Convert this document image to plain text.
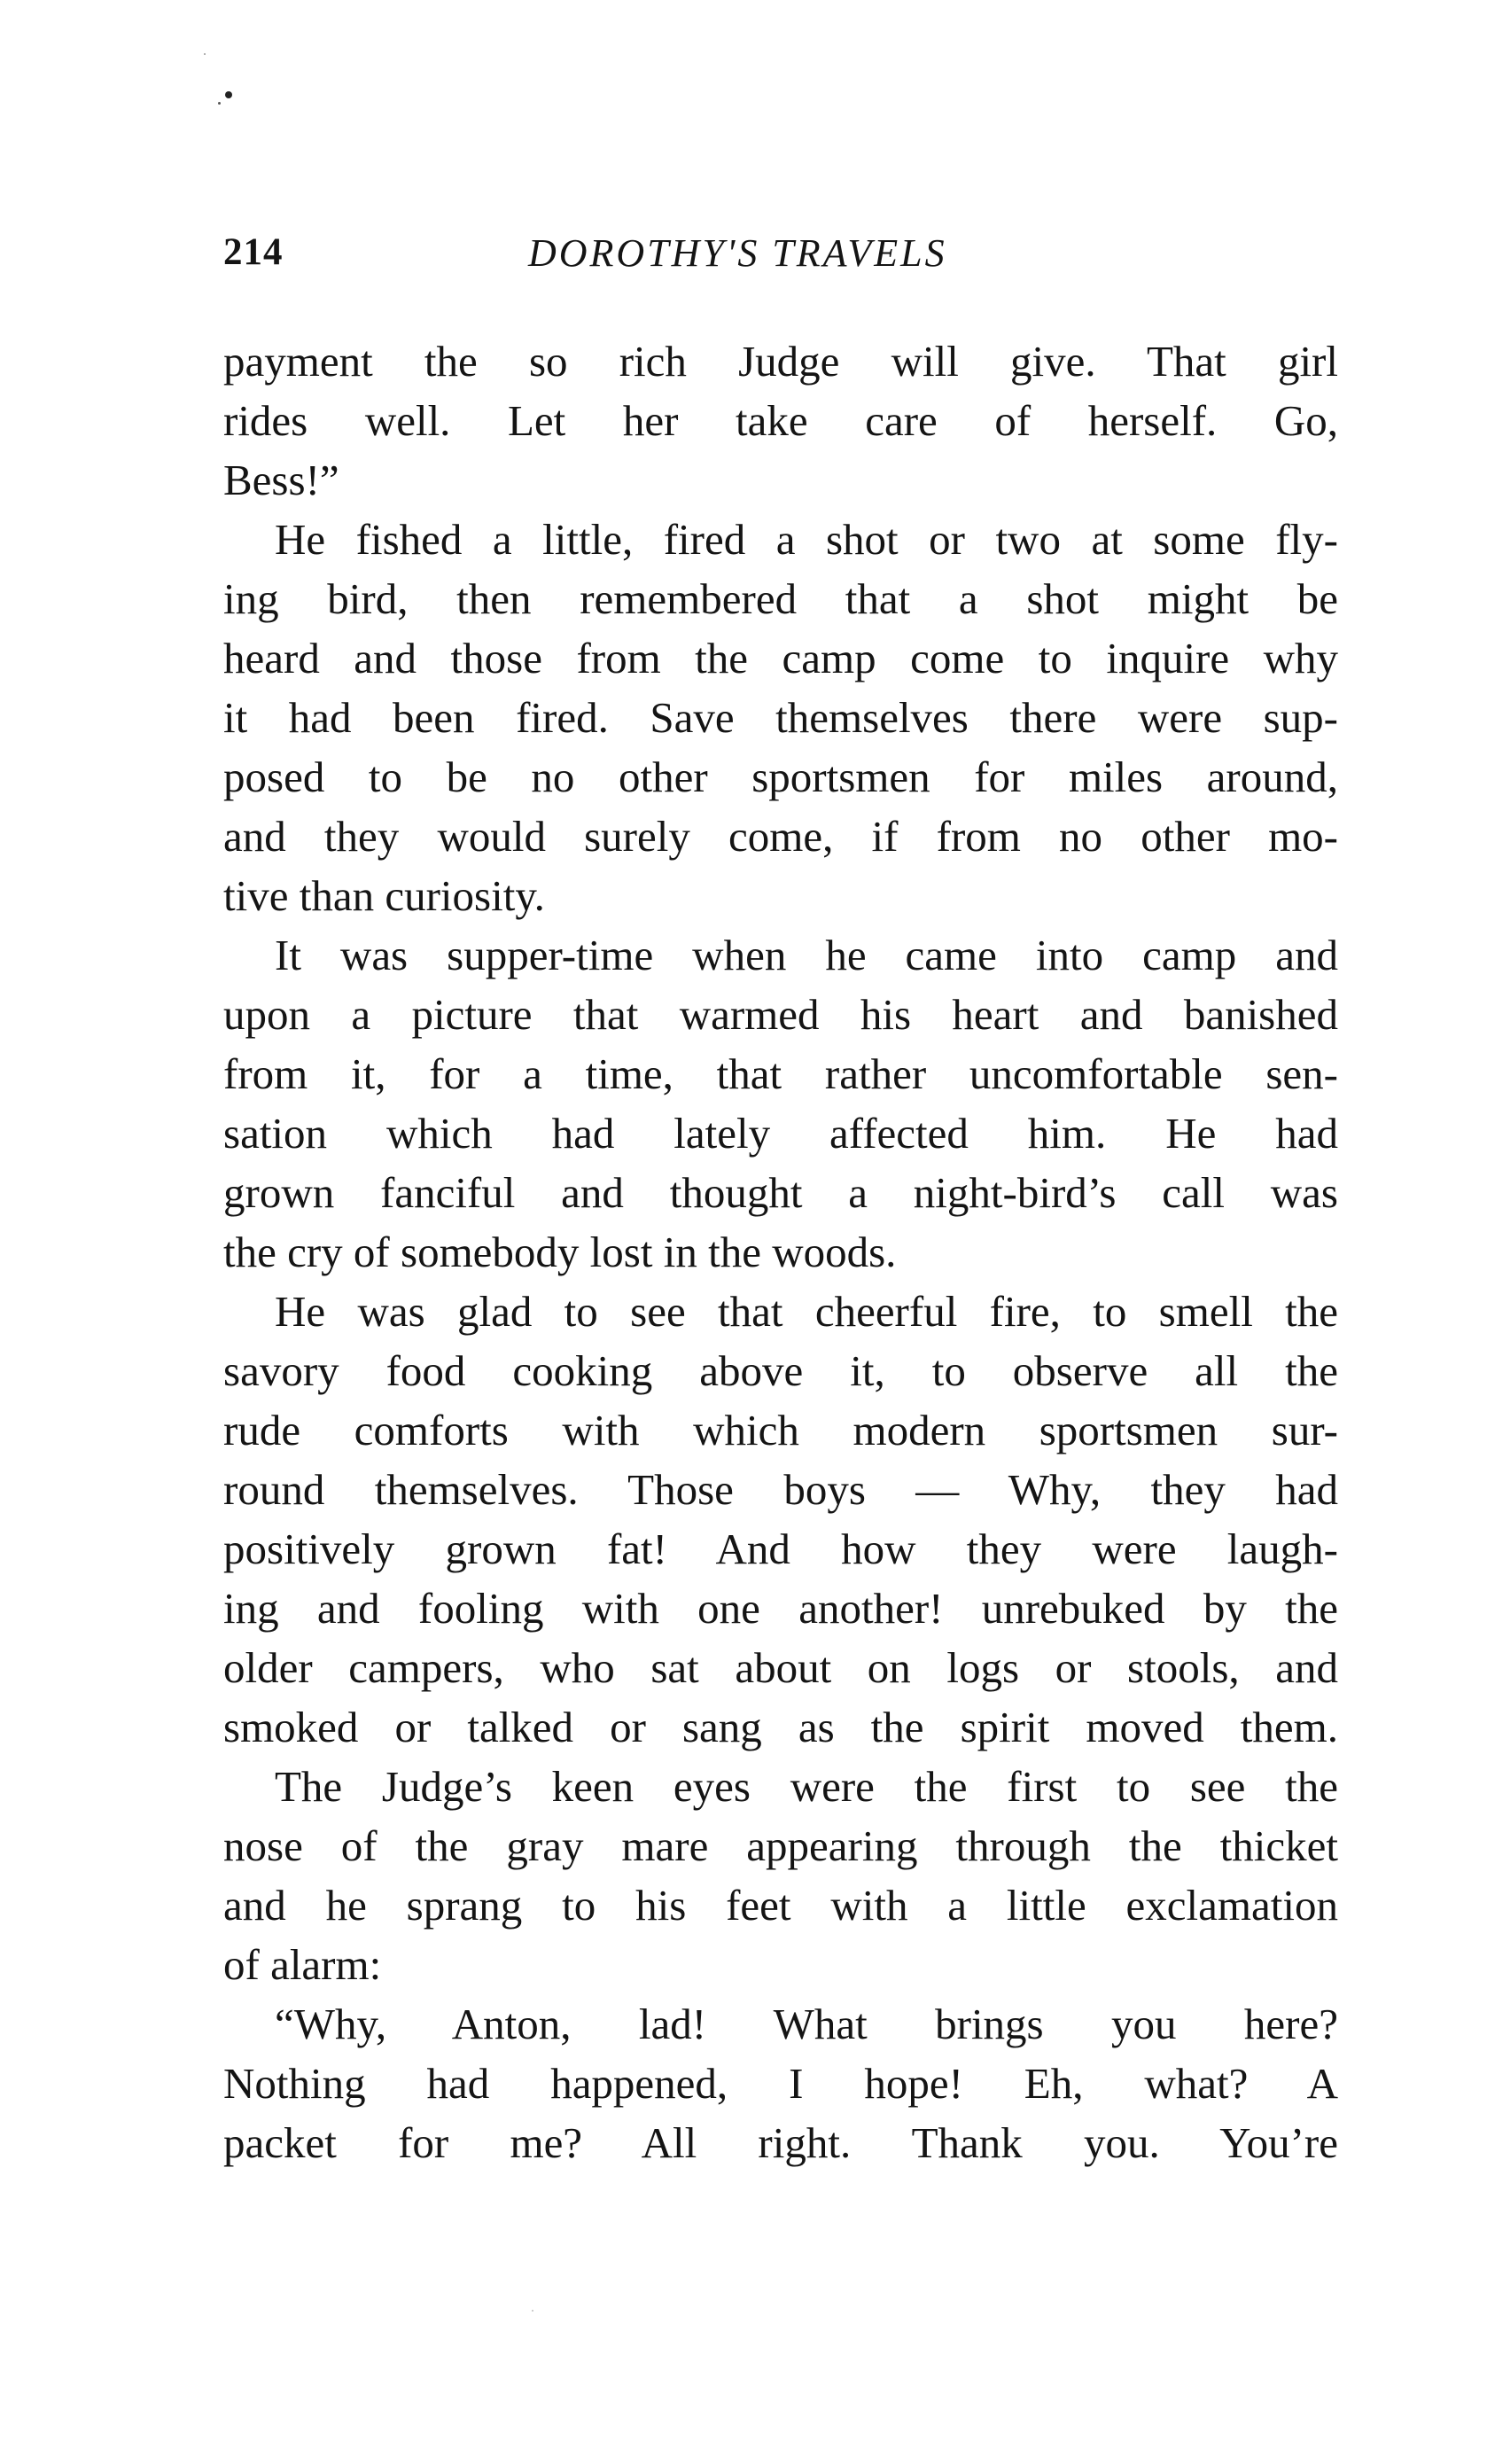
214	DOROTHY'S TRAVELS
payment the so rich Judge will give. That girl
rides well. Let her take care of herself. Go,
Bess!”
He fished a little, fired a shot or two at some fly-
ing bird, then remembered that a shot might be
heard and those from the camp come to inquire why
it had been fired. Save themselves there were sup-
posed to be no other sportsmen for miles around,
and they would surely come, if from no other mo-
tive than curiosity.
It was supper-time when he came into camp and
upon a picture that warmed his heart and banished
from it, for a time, that rather uncomfortable sen-
sation which had lately affected him. He had
grown fanciful and thought a night-bird’s call was
the cry of somebody lost in the woods.
He was glad to see that cheerful fire, to smell the
savory food cooking above it, to observe all the
rude comforts with which modern sportsmen sur-
round themselves. Those boys — Why, they had
positively grown fat! And how they were laugh-
ing and fooling with one another! unrebuked by the
older campers, who sat about on logs or stools, and
smoked or talked or sang as the spirit moved them.
The Judge’s keen eyes were the first to see the
nose of the gray mare appearing through the thicket
and he sprang to his feet with a little exclamation
of alarm:
“Why, Anton, lad! What brings you here?
Nothing had happened, I hope! Eh, what? A
packet for me? All right. Thank you. You’re
